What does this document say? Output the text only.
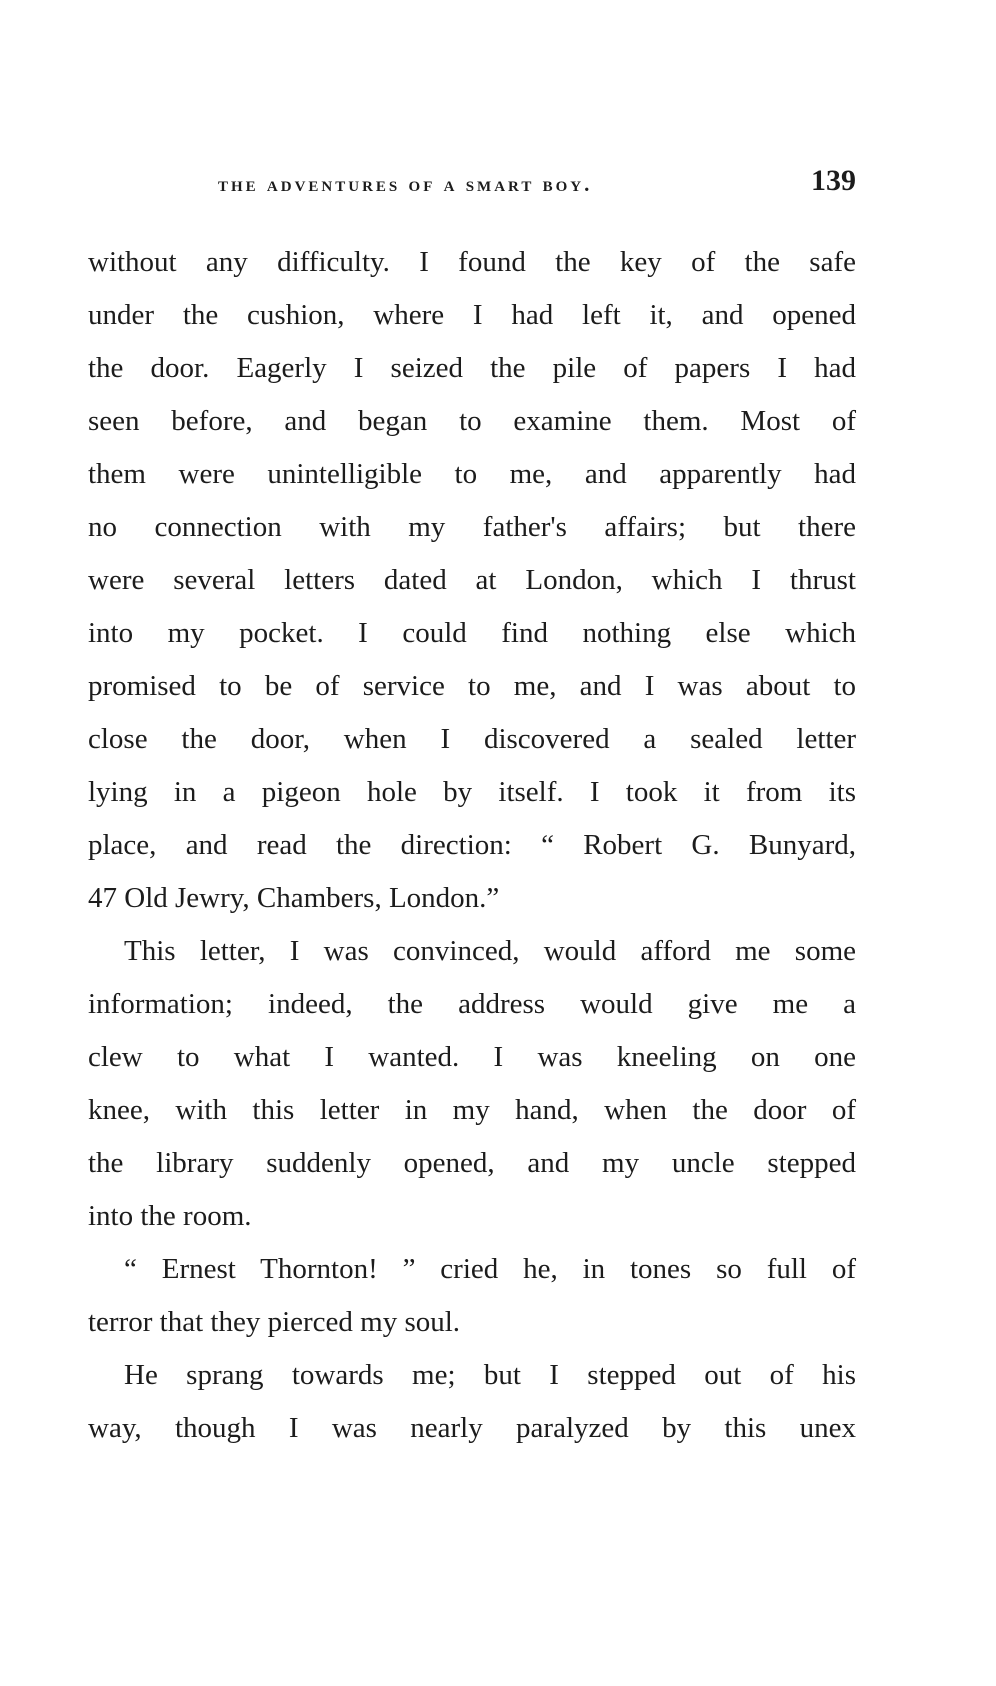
the adventures of a smart boy.	139
without any difficulty. I found the key of the safe
under the cushion, where I had left it, and opened
the door. Eagerly I seized the pile of papers I had
seen before, and began to examine them. Most of
them were unintelligible to me, and apparently had
no connection with my father's affairs; but there
were several letters dated at London, which I thrust
into my pocket. I could find nothing else which
promised to be of service to me, and I was about to
close the door, when I discovered a sealed letter
lying in a pigeon hole by itself. I took it from its
place, and read the direction: “ Robert G. Bunyard,
47 Old Jewry, Chambers, London.”
This letter, I was convinced, would afford me some
information; indeed, the address would give me a
clew to what I wanted. I was kneeling on one
knee, with this letter in my hand, when the door of
the library suddenly opened, and my uncle stepped
into the room.
“ Ernest Thornton! ” cried he, in tones so full of
terror that they pierced my soul.
He sprang towards me; but I stepped out of his
way, though I was nearly paralyzed by this unex
